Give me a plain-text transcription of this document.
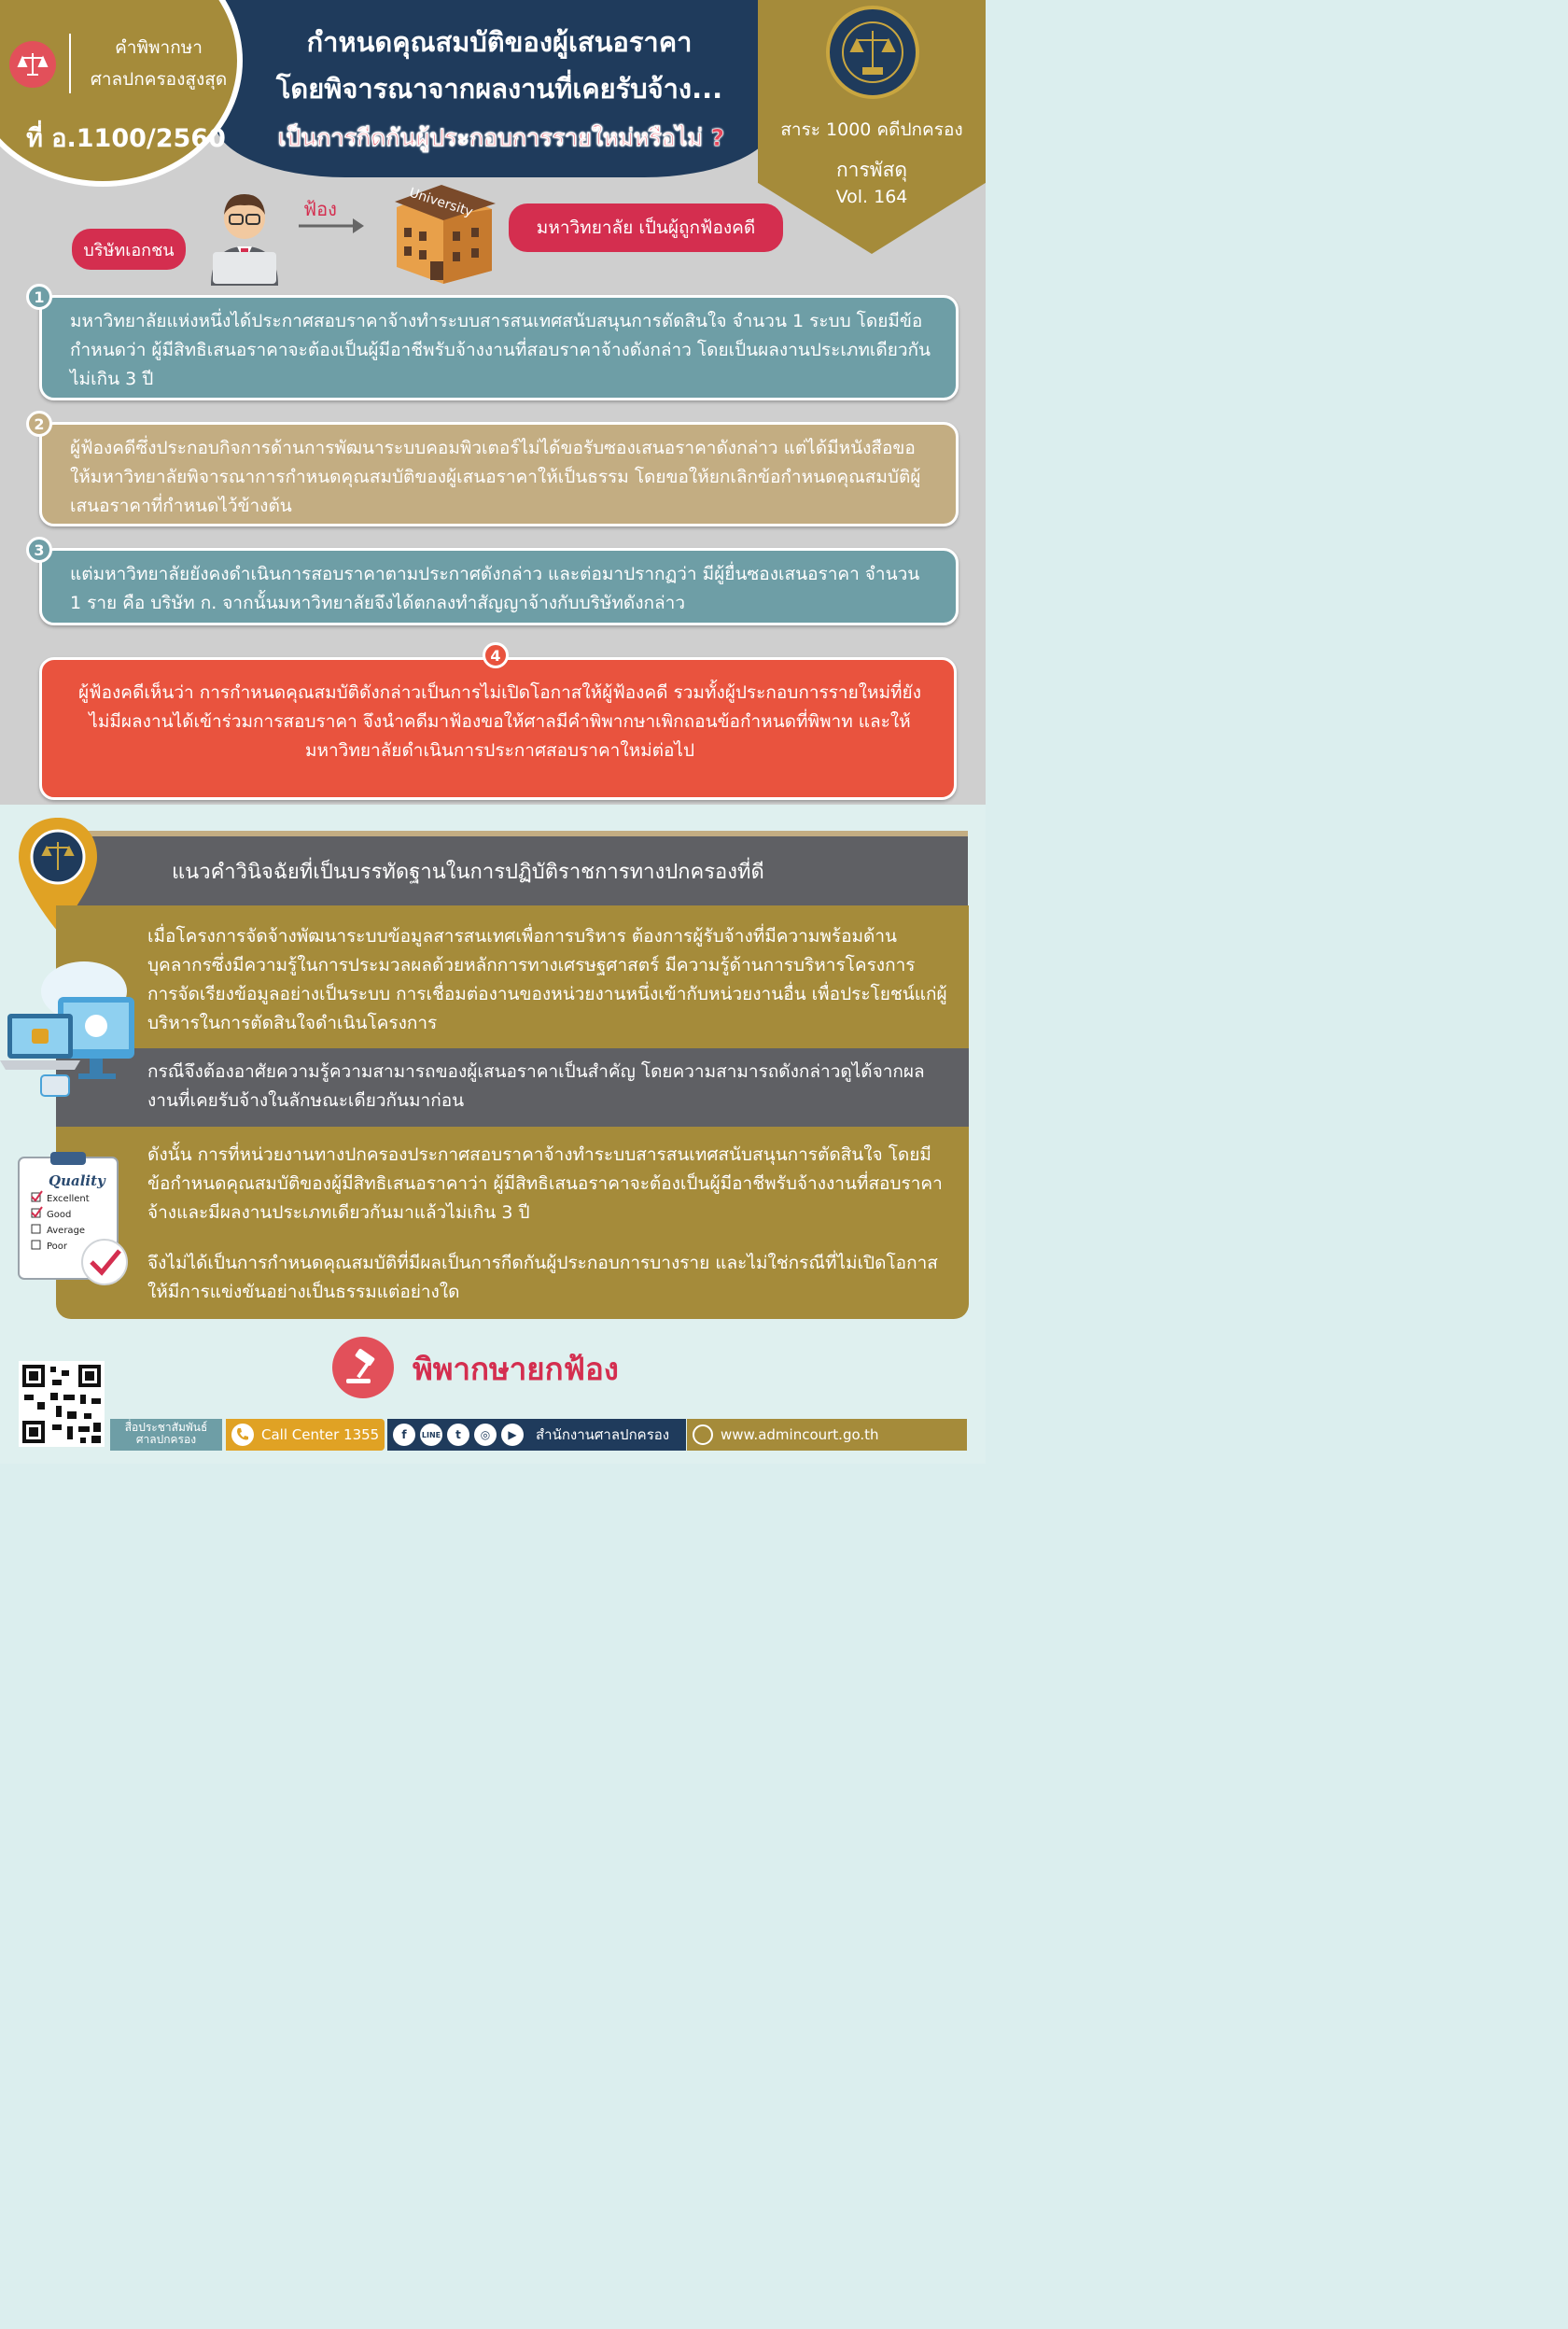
กำหนดคุณสมบัติของผู้เสนอราคา
โดยพิจารณาจากผลงานที่เคยรับจ้าง...
เป็นการกีดกันผู้ประกอบการรายใหม่หรือไม่ ?
คำพิพากษา
ศาลปกครองสูงสุด
ที่ อ.1100/2560	สาระ 1000 คดีปกครอง
การพัสดุ
Vol. 164
บริษัทเอกชน
ฟ้อง	University
มหาวิทยาลัย เป็นผู้ถูกฟ้องคดี
มหาวิทยาลัยแห่งหนึ่งได้ประกาศสอบราคาจ้างทำระบบสารสนเทศสนับสนุนการตัดสินใจ จำนวน 1 ระบบ โดยมีข้อกำหนดว่า ผู้มีสิทธิเสนอราคาจะต้องเป็นผู้มีอาชีพรับจ้างงานที่สอบราคาจ้างดังกล่าว โดยเป็นผลงานประเภทเดียวกันไม่เกิน 3 ปี
1
ผู้ฟ้องคดีซึ่งประกอบกิจการด้านการพัฒนาระบบคอมพิวเตอร์ไม่ได้ขอรับซองเสนอราคาดังกล่าว แต่ได้มีหนังสือขอให้มหาวิทยาลัยพิจารณาการกำหนดคุณสมบัติของผู้เสนอราคาให้เป็นธรรม โดยขอให้ยกเลิกข้อกำหนดคุณสมบัติผู้เสนอราคาที่กำหนดไว้ข้างต้น
2
แต่มหาวิทยาลัยยังคงดำเนินการสอบราคาตามประกาศดังกล่าว และต่อมาปรากฏว่า มีผู้ยื่นซองเสนอราคา จำนวน 1 ราย คือ บริษัท ก. จากนั้นมหาวิทยาลัยจึงได้ตกลงทำสัญญาจ้างกับบริษัทดังกล่าว
3
ผู้ฟ้องคดีเห็นว่า การกำหนดคุณสมบัติดังกล่าวเป็นการไม่เปิดโอกาสให้ผู้ฟ้องคดี รวมทั้งผู้ประกอบการรายใหม่ที่ยังไม่มีผลงานได้เข้าร่วมการสอบราคา จึงนำคดีมาฟ้องขอให้ศาลมีคำพิพากษาเพิกถอนข้อกำหนดที่พิพาท และให้มหาวิทยาลัยดำเนินการประกาศสอบราคาใหม่ต่อไป
4
แนวคำวินิจฉัยที่เป็นบรรทัดฐานในการปฏิบัติราชการทางปกครองที่ดี
เมื่อโครงการจัดจ้างพัฒนาระบบข้อมูลสารสนเทศเพื่อการบริหาร ต้องการผู้รับจ้างที่มีความพร้อมด้านบุคลากรซึ่งมีความรู้ในการประมวลผลด้วยหลักการทางเศรษฐศาสตร์ มีความรู้ด้านการบริหารโครงการ การจัดเรียงข้อมูลอย่างเป็นระบบ การเชื่อมต่องานของหน่วยงานหนึ่งเข้ากับหน่วยงานอื่น เพื่อประโยชน์แก่ผู้บริหารในการตัดสินใจดำเนินโครงการ
กรณีจึงต้องอาศัยความรู้ความสามารถของผู้เสนอราคาเป็นสำคัญ โดยความสามารถดังกล่าวดูได้จากผลงานที่เคยรับจ้างในลักษณะเดียวกันมาก่อน
ดังนั้น การที่หน่วยงานทางปกครองประกาศสอบราคาจ้างทำระบบสารสนเทศสนับสนุนการตัดสินใจ โดยมีข้อกำหนดคุณสมบัติของผู้มีสิทธิเสนอราคาว่า ผู้มีสิทธิเสนอราคาจะต้องเป็นผู้มีอาชีพรับจ้างงานที่สอบราคาจ้างและมีผลงานประเภทเดียวกันมาแล้วไม่เกิน 3 ปี
จึงไม่ได้เป็นการกำหนดคุณสมบัติที่มีผลเป็นการกีดกันผู้ประกอบการบางราย และไม่ใช่กรณีที่ไม่เปิดโอกาสให้มีการแข่งขันอย่างเป็นธรรมแต่อย่างใด
Quality
Excellent
Good
Average
Poor
พิพากษายกฟ้อง
สื่อประชาสัมพันธ์
ศาลปกครอง	Call Center 1355	f	LINE	t	◎	▶	สำนักงานศาลปกครอง	www.admincourt.go.th
